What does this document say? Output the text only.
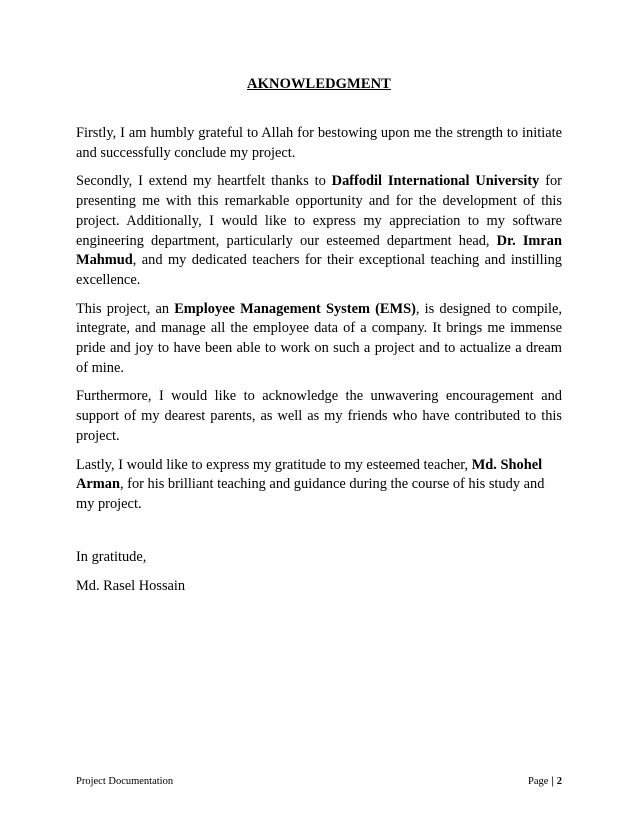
AKNOWLEDGMENT

Firstly, I am humbly grateful to Allah for bestowing upon me the strength to initiate and successfully conclude my project.

Secondly, I extend my heartfelt thanks to Daffodil International University for presenting me with this remarkable opportunity and for the development of this project. Additionally, I would like to express my appreciation to my software engineering department, particularly our esteemed department head, Dr. Imran Mahmud, and my dedicated teachers for their exceptional teaching and instilling excellence.

This project, an Employee Management System (EMS), is designed to compile, integrate, and manage all the employee data of a company. It brings me immense pride and joy to have been able to work on such a project and to actualize a dream of mine.

Furthermore, I would like to acknowledge the unwavering encouragement and support of my dearest parents, as well as my friends who have contributed to this project.

Lastly, I would like to express my gratitude to my esteemed teacher, Md. Shohel Arman, for his brilliant teaching and guidance during the course of his study and my project.

In gratitude,

Md. Rasel Hossain

Project Documentation	Page | 2
